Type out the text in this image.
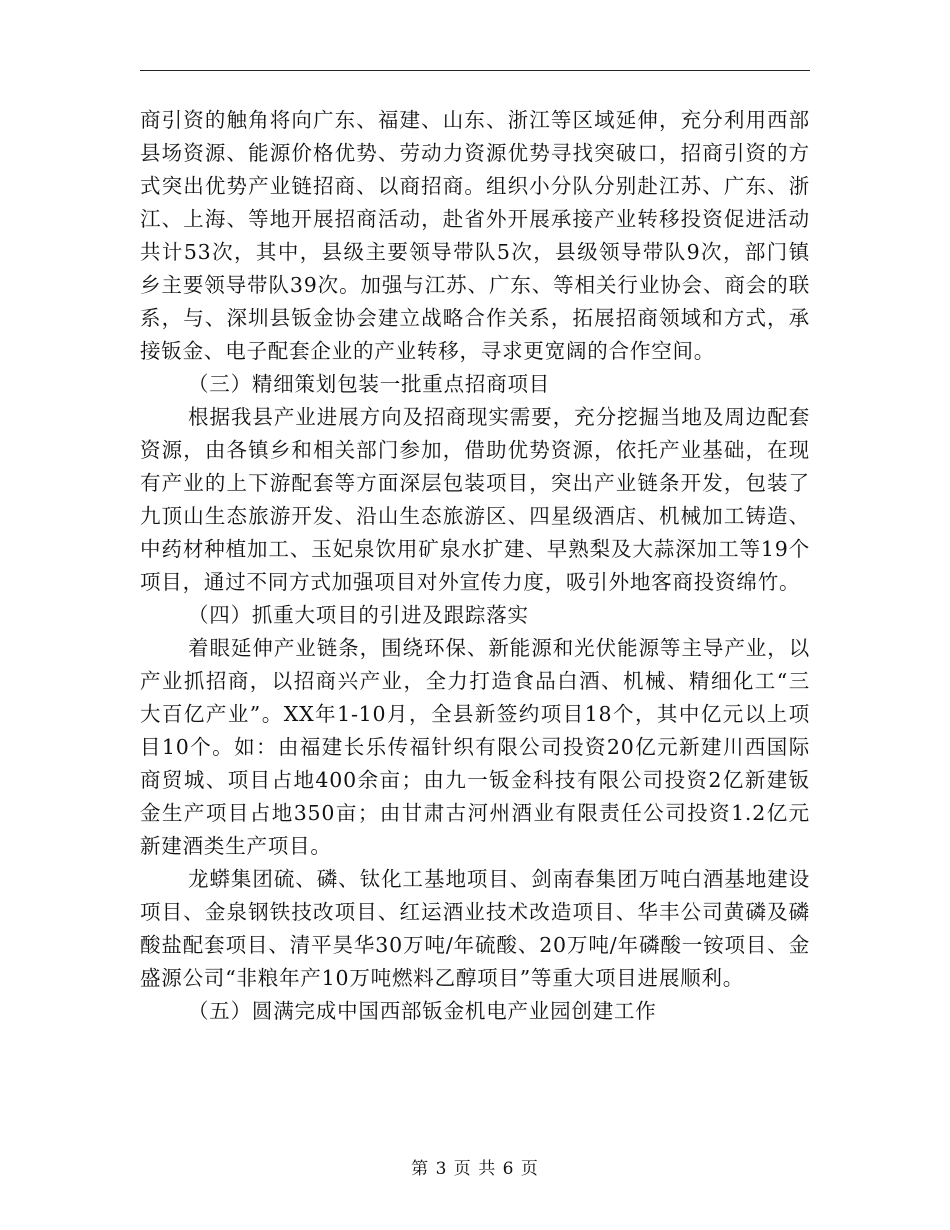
商引资的触角将向广东、福建、山东、浙江等区域延伸，充分利用西部县场资源、能源价格优势、劳动力资源优势寻找突破口，招商引资的方式突出优势产业链招商、以商招商。组织小分队分别赴江苏、广东、浙江、上海、等地开展招商活动，赴省外开展承接产业转移投资促进活动共计53次，其中，县级主要领导带队5次，县级领导带队9次，部门镇乡主要领导带队39次。加强与江苏、广东、等相关行业协会、商会的联系，与、深圳县钣金协会建立战略合作关系，拓展招商领域和方式，承接钣金、电子配套企业的产业转移，寻求更宽阔的合作空间。

（三）精细策划包装一批重点招商项目

根据我县产业进展方向及招商现实需要，充分挖掘当地及周边配套资源，由各镇乡和相关部门参加，借助优势资源，依托产业基础，在现有产业的上下游配套等方面深层包装项目，突出产业链条开发，包装了九顶山生态旅游开发、沿山生态旅游区、四星级酒店、机械加工铸造、中药材种植加工、玉妃泉饮用矿泉水扩建、早熟梨及大蒜深加工等19个项目，通过不同方式加强项目对外宣传力度，吸引外地客商投资绵竹。

（四）抓重大项目的引进及跟踪落实

着眼延伸产业链条，围绕环保、新能源和光伏能源等主导产业，以产业抓招商，以招商兴产业，全力打造食品白酒、机械、精细化工“三大百亿产业”。XX年1-10月，全县新签约项目18个，其中亿元以上项目10个。如：由福建长乐传福针织有限公司投资20亿元新建川西国际商贸城、项目占地400余亩；由九一钣金科技有限公司投资2亿新建钣金生产项目占地350亩；由甘肃古河州酒业有限责任公司投资1.2亿元新建酒类生产项目。

龙蟒集团硫、磷、钛化工基地项目、剑南春集团万吨白酒基地建设项目、金泉钢铁技改项目、红运酒业技术改造项目、华丰公司黄磷及磷酸盐配套项目、清平昊华30万吨/年硫酸、20万吨/年磷酸一铵项目、金盛源公司“非粮年产10万吨燃料乙醇项目”等重大项目进展顺利。

（五）圆满完成中国西部钣金机电产业园创建工作

第 3 页 共 6 页
